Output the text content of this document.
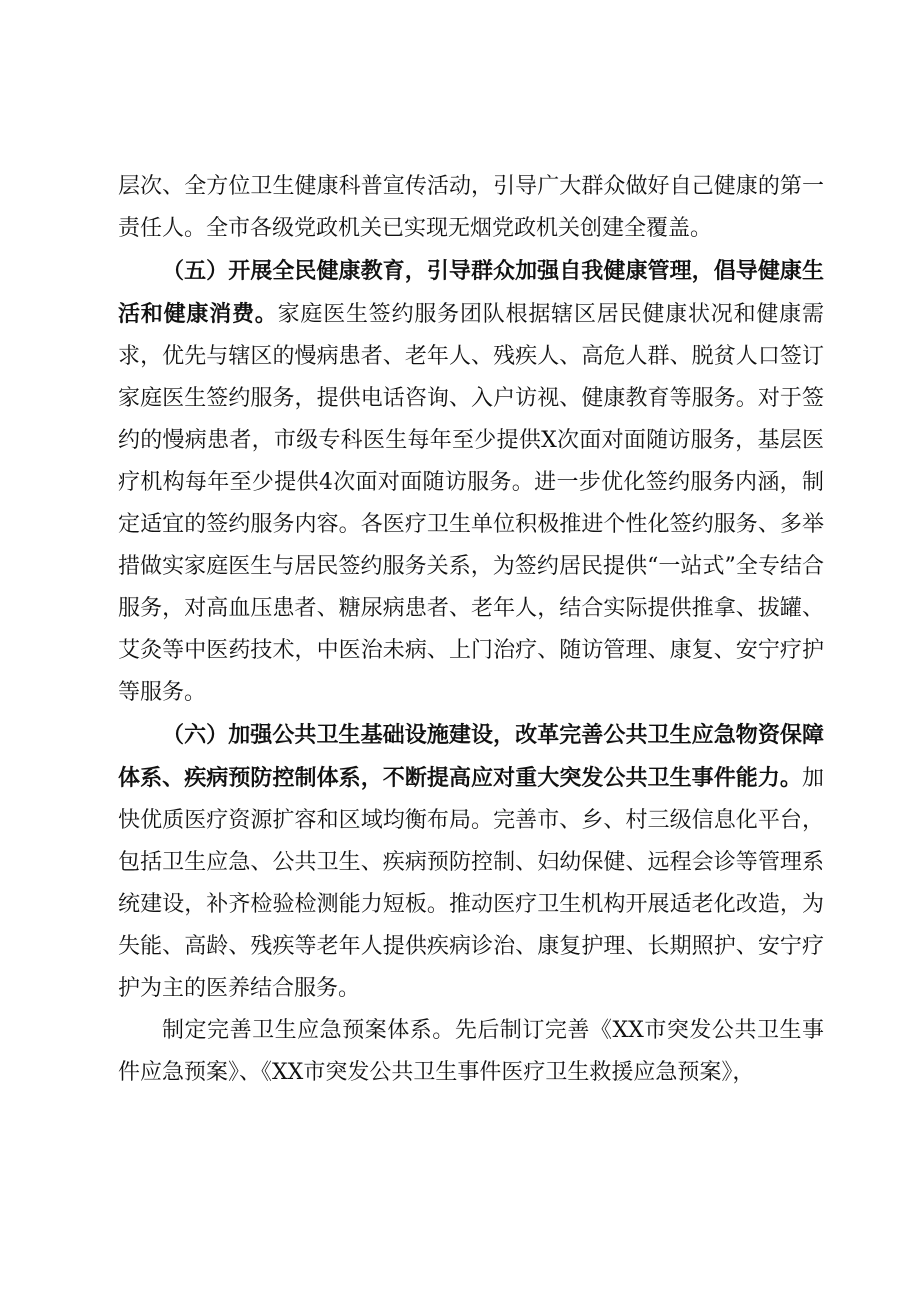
层次、全方位卫生健康科普宣传活动，引导广大群众做好自己健康的第一责任人。全市各级党政机关已实现无烟党政机关创建全覆盖。

（五）开展全民健康教育，引导群众加强自我健康管理，倡导健康生活和健康消费。家庭医生签约服务团队根据辖区居民健康状况和健康需求，优先与辖区的慢病患者、老年人、残疾人、高危人群、脱贫人口签订家庭医生签约服务，提供电话咨询、入户访视、健康教育等服务。对于签约的慢病患者，市级专科医生每年至少提供X次面对面随访服务，基层医疗机构每年至少提供4次面对面随访服务。进一步优化签约服务内涵，制定适宜的签约服务内容。各医疗卫生单位积极推进个性化签约服务、多举措做实家庭医生与居民签约服务关系，为签约居民提供“一站式”全专结合服务，对高血压患者、糖尿病患者、老年人，结合实际提供推拿、拔罐、艾灸等中医药技术，中医治未病、上门治疗、随访管理、康复、安宁疗护等服务。

（六）加强公共卫生基础设施建设，改革完善公共卫生应急物资保障体系、疾病预防控制体系，不断提高应对重大突发公共卫生事件能力。加快优质医疗资源扩容和区域均衡布局。完善市、乡、村三级信息化平台，包括卫生应急、公共卫生、疾病预防控制、妇幼保健、远程会诊等管理系统建设，补齐检验检测能力短板。推动医疗卫生机构开展适老化改造，为失能、高龄、残疾等老年人提供疾病诊治、康复护理、长期照护、安宁疗护为主的医养结合服务。

制定完善卫生应急预案体系。先后制订完善《XX市突发公共卫生事件应急预案》、《XX市突发公共卫生事件医疗卫生救援应急预案》，
